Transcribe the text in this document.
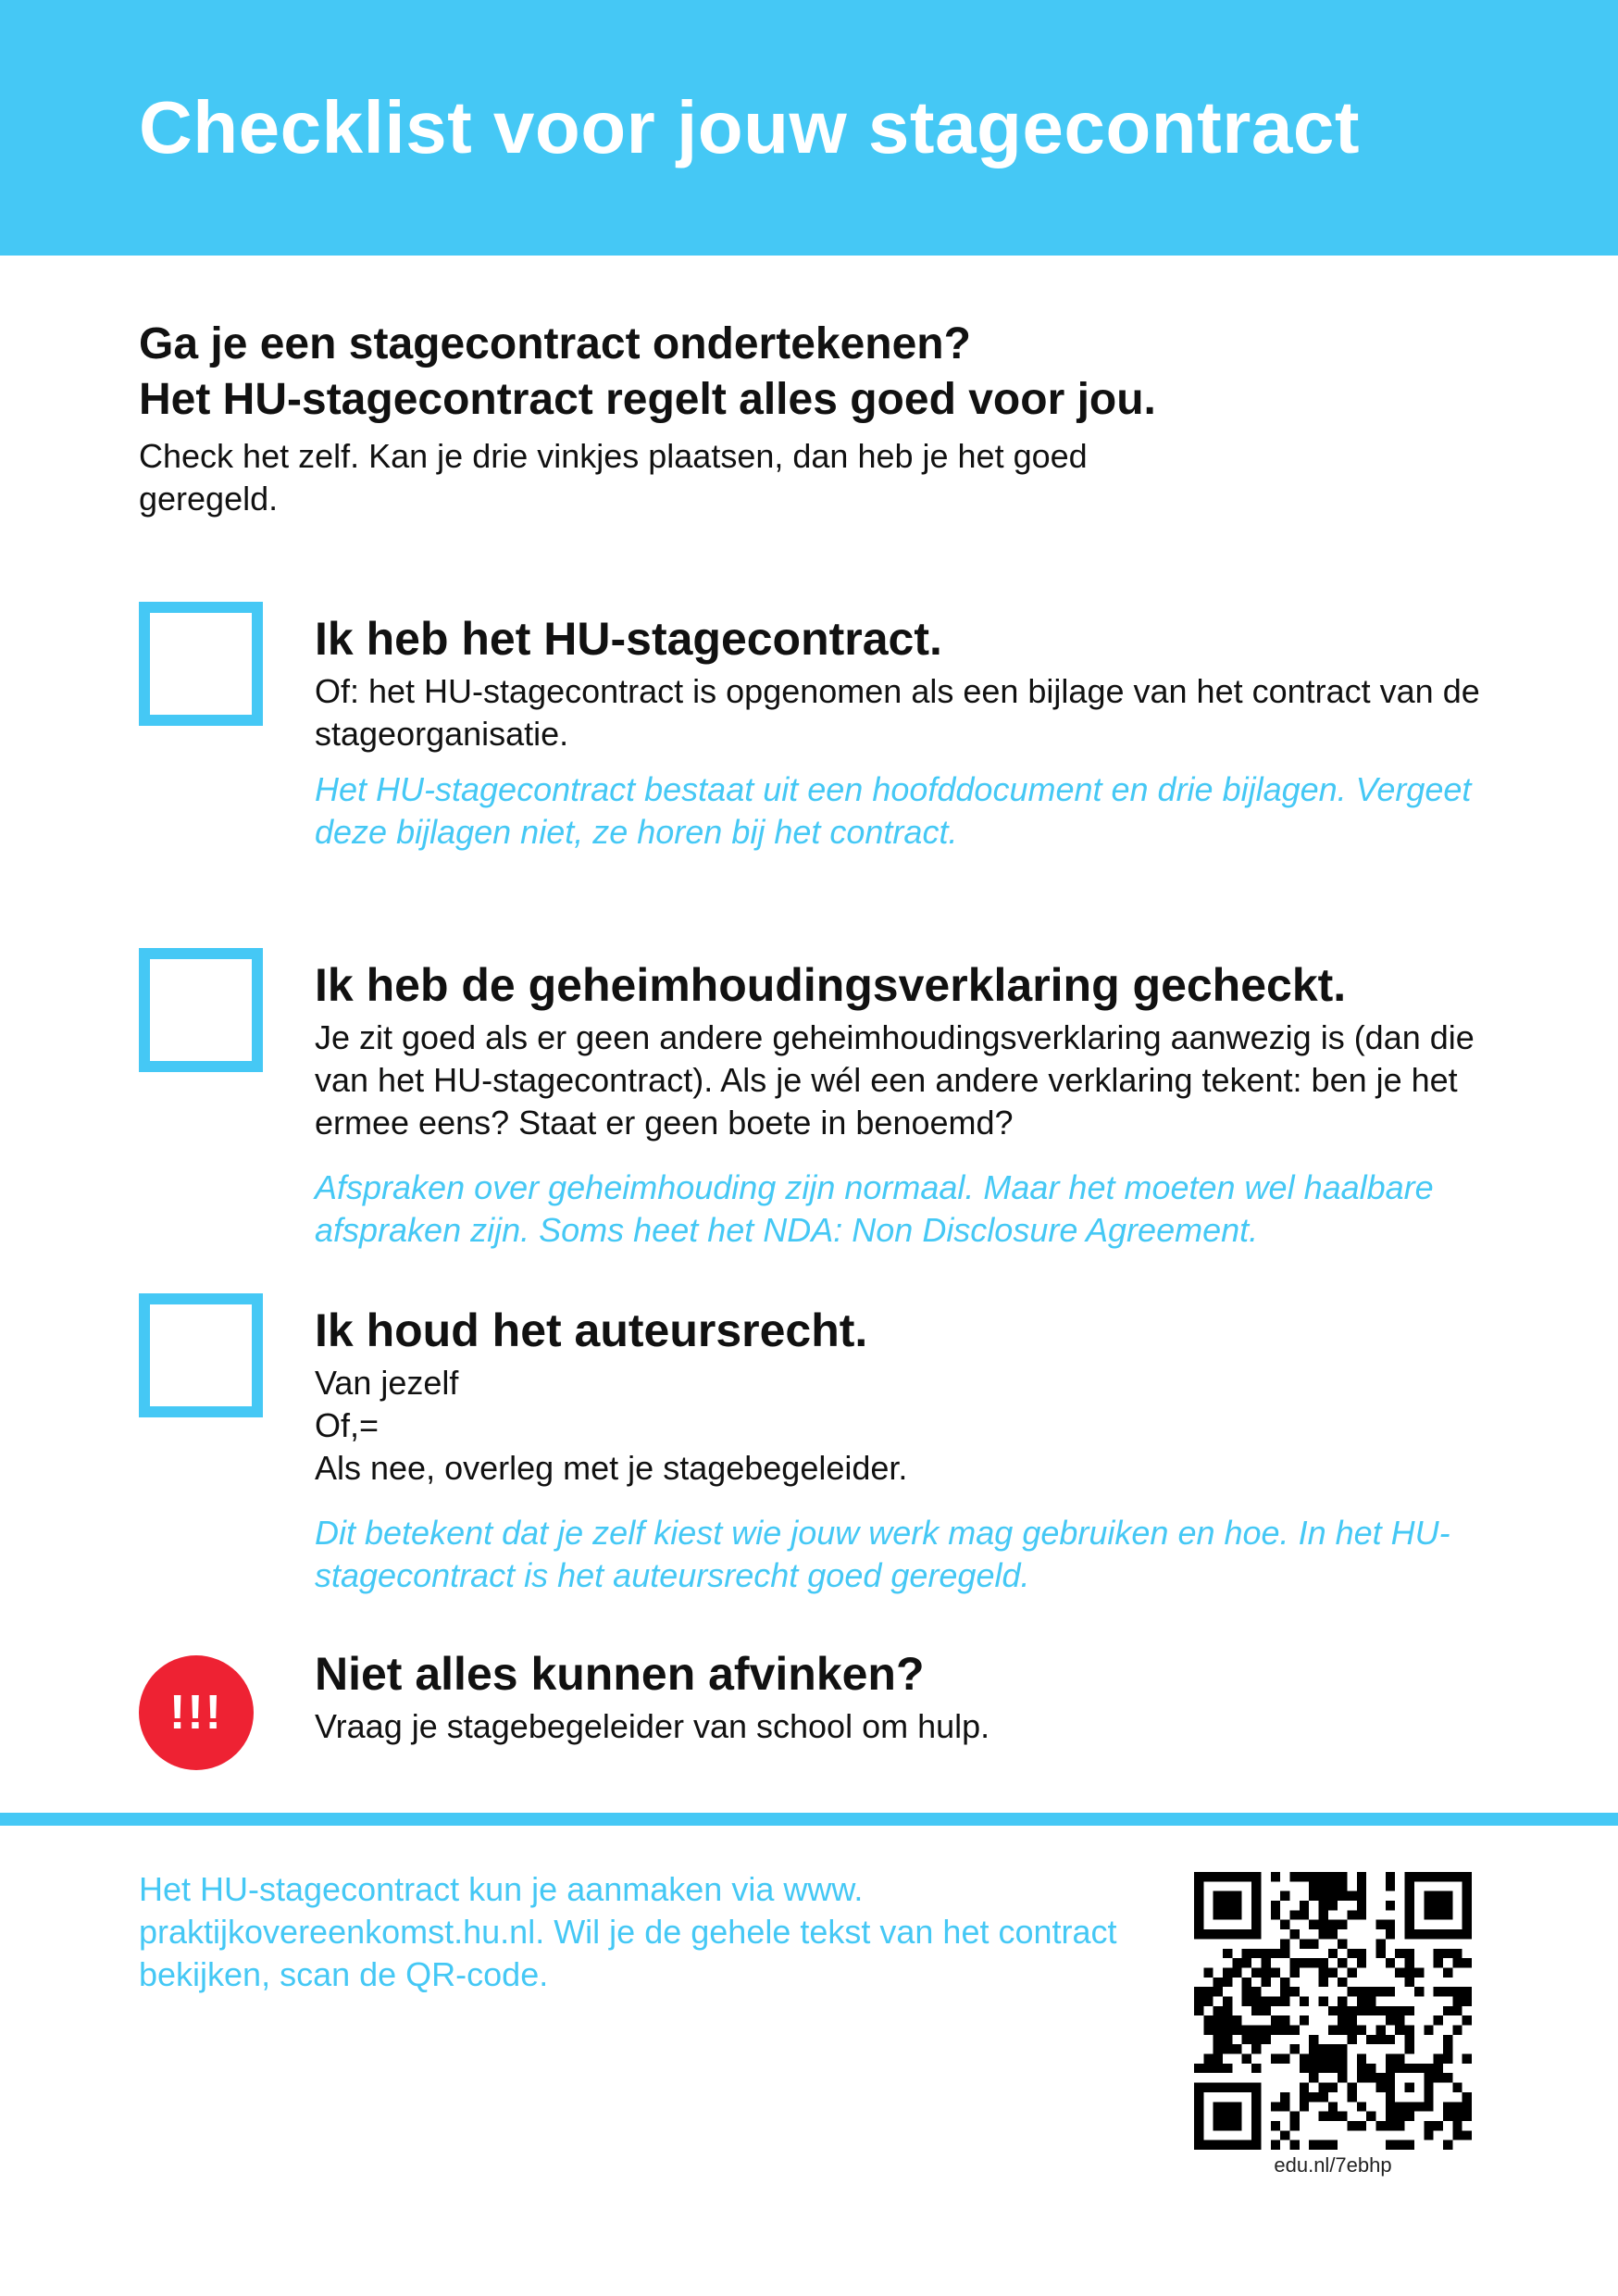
Checklist voor jouw stagecontract

Ga je een stagecontract ondertekenen?
Het HU-stagecontract regelt alles goed voor jou.

Check het zelf. Kan je drie vinkjes plaatsen, dan heb je het goed geregeld.

Ik heb het HU-stagecontract.

Of: het HU-stagecontract is opgenomen als een bijlage van het contract van de stageorganisatie.

Het HU-stagecontract bestaat uit een hoofddocument en drie bijlagen. Vergeet deze bijlagen niet, ze horen bij het contract.

Ik heb de geheimhoudingsverklaring gecheckt.

Je zit goed als er geen andere geheimhoudingsverklaring aanwezig is (dan die van het HU-stagecontract). Als je wél een andere verklaring tekent: ben je het ermee eens? Staat er geen boete in benoemd?

Afspraken over geheimhouding zijn normaal. Maar het moeten wel haalbare afspraken zijn. Soms heet het NDA: Non Disclosure Agreement.

Ik houd het auteursrecht.

Van jezelf
Of,=
Als nee, overleg met je stagebegeleider.

Dit betekent dat je zelf kiest wie jouw werk mag gebruiken en hoe. In het HU-stagecontract is het auteursrecht goed geregeld.

!!!

Niet alles kunnen afvinken?

Vraag je stagebegeleider van school om hulp.

Het HU-stagecontract kun je aanmaken via www. praktijkovereenkomst.hu.nl. Wil je de gehele tekst van het contract bekijken, scan de QR-code.

edu.nl/7ebhp
